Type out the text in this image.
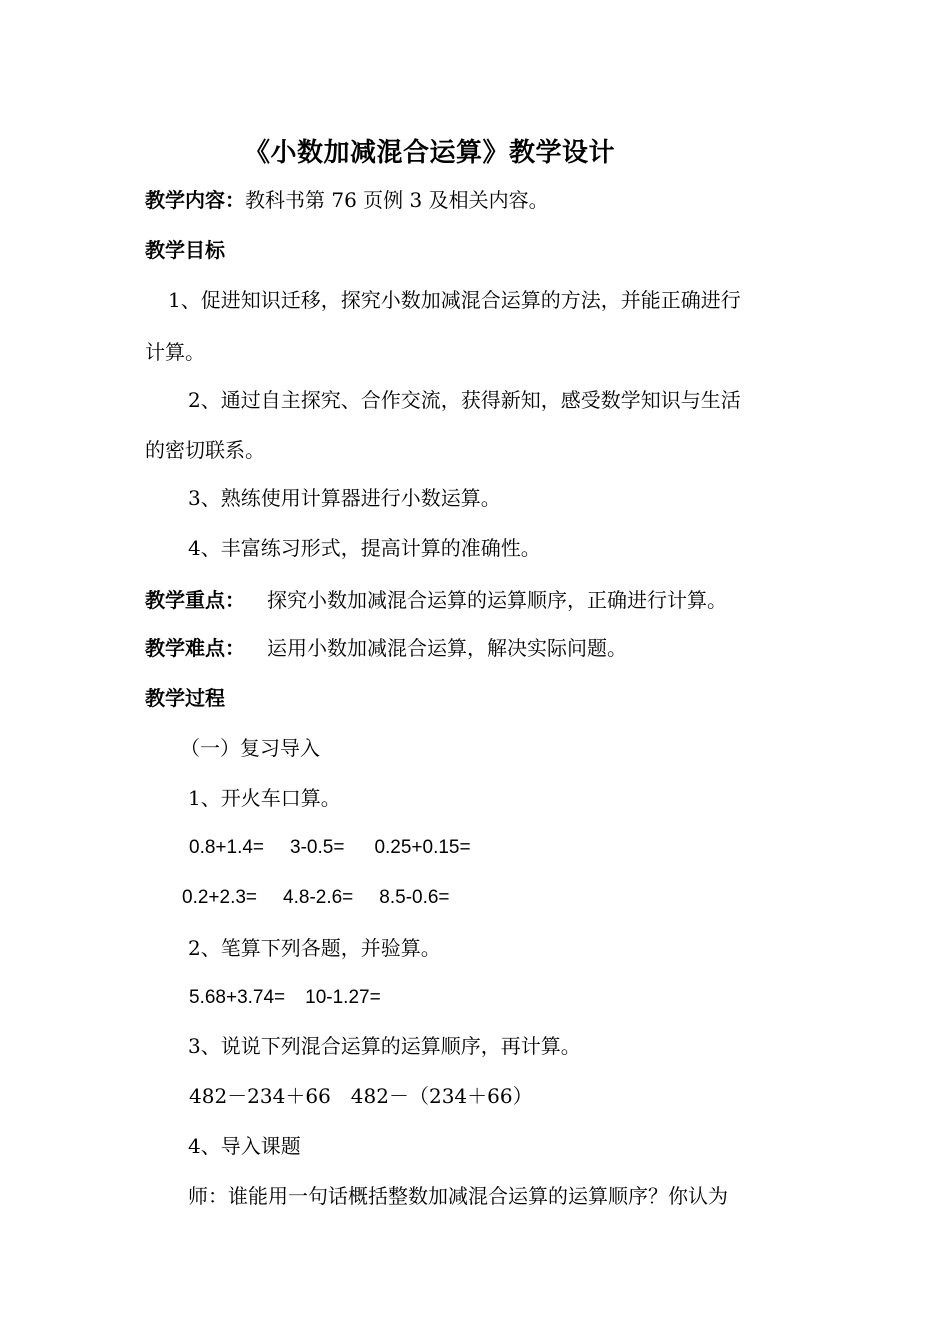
《小数加减混合运算》教学设计
教学内容：教科书第 76 页例 3 及相关内容。
教学目标
1、促进知识迁移，探究小数加减混合运算的方法，并能正确进行
计算。
2、通过自主探究、合作交流，获得新知，感受数学知识与生活
的密切联系。
3、熟练使用计算器进行小数运算。
4、丰富练习形式，提高计算的准确性。
教学重点： 探究小数加减混合运算的运算顺序，正确进行计算。
教学难点： 运用小数加减混合运算，解决实际问题。
教学过程
（一）复习导入
1、开火车口算。
0.8+1.4= 3-0.5= 0.25+0.15=
0.2+2.3= 4.8-2.6= 8.5-0.6=
2、笔算下列各题，并验算。
5.68+3.74= 10-1.27=
3、说说下列混合运算的运算顺序，再计算。
482－234＋66 482－（234＋66）
4、导入课题
师：谁能用一句话概括整数加减混合运算的运算顺序？你认为
